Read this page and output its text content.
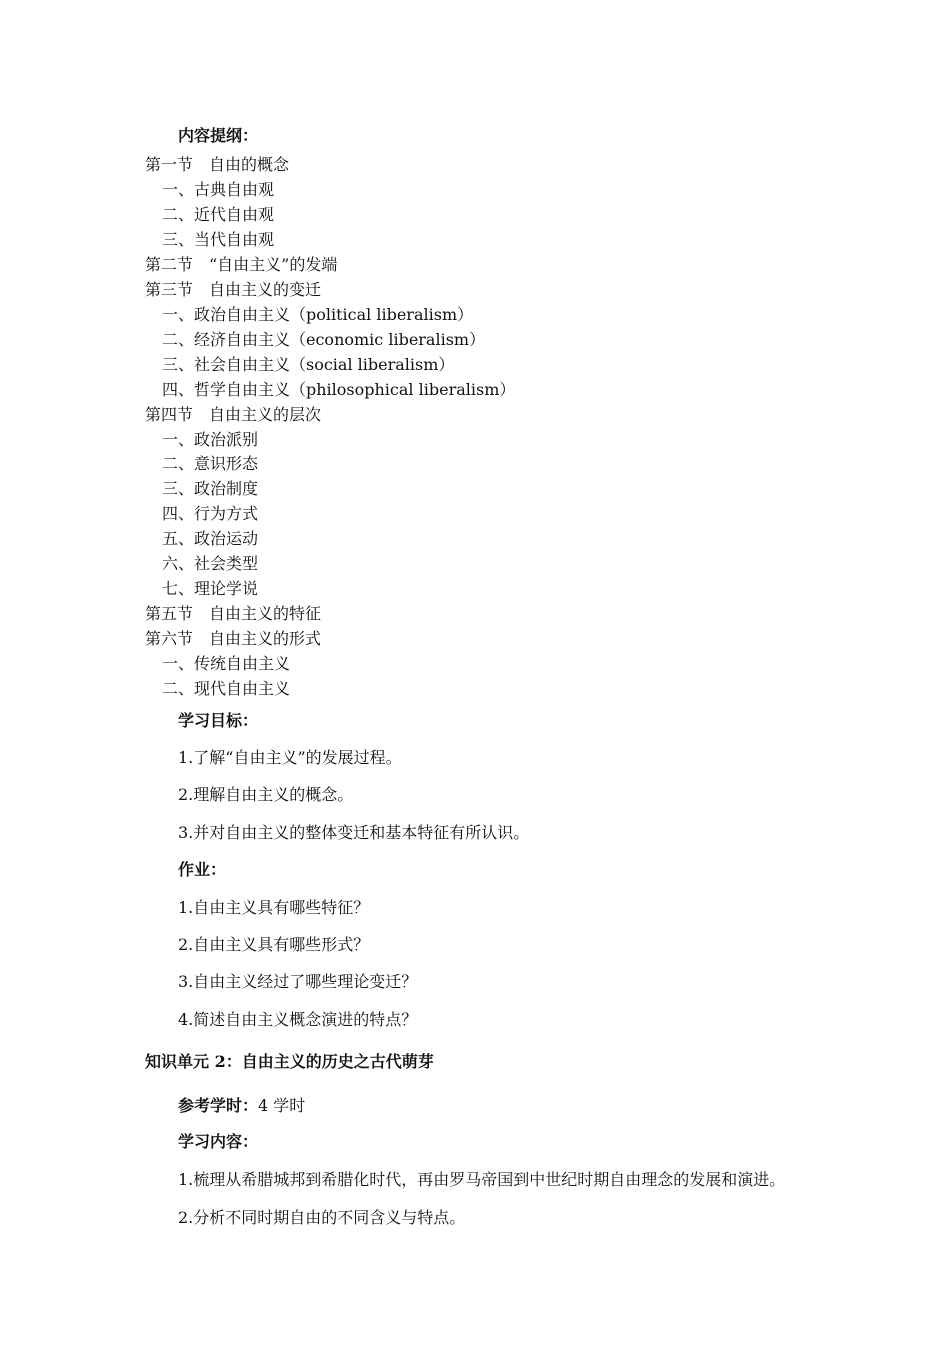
内容提纲：
第一节　自由的概念
一、古典自由观
二、近代自由观
三、当代自由观
第二节　“自由主义”的发端
第三节　自由主义的变迁
一、政治自由主义（political liberalism）
二、经济自由主义（economic liberalism）
三、社会自由主义（social liberalism）
四、哲学自由主义（philosophical liberalism）
第四节　自由主义的层次
一、政治派别
二、意识形态
三、政治制度
四、行为方式
五、政治运动
六、社会类型
七、理论学说
第五节　自由主义的特征
第六节　自由主义的形式
一、传统自由主义
二、现代自由主义
学习目标：
1.了解“自由主义”的发展过程。
2.理解自由主义的概念。
3.并对自由主义的整体变迁和基本特征有所认识。
作业：
1.自由主义具有哪些特征？
2.自由主义具有哪些形式？
3.自由主义经过了哪些理论变迁？
4.简述自由主义概念演进的特点？
知识单元 2：自由主义的历史之古代萌芽
参考学时：4 学时
学习内容：
1.梳理从希腊城邦到希腊化时代，再由罗马帝国到中世纪时期自由理念的发展和演进。
2.分析不同时期自由的不同含义与特点。
